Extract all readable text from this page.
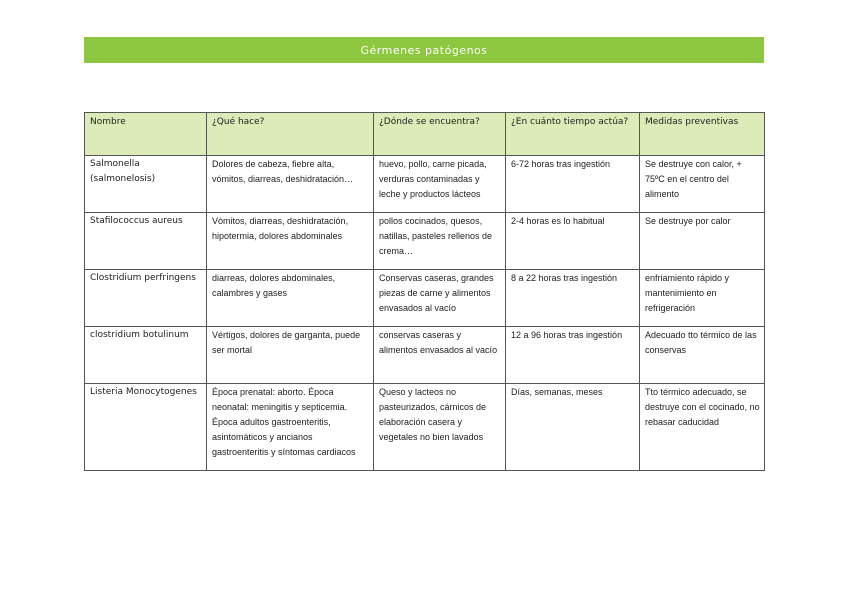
Gérmenes patógenos
Nombre	¿Qué hace?	¿Dónde se encuentra?	¿En cuánto tiempo actúa?	Medidas preventivas
Salmonella (salmonelosis)	Dolores de cabeza, fiebre alta, vómitos, diarreas, deshidratación…	huevo, pollo, carne picada, verduras contaminadas y leche y productos lácteos	6-72 horas tras ingestión	Se destruye con calor, + 75ºC en el centro del alimento
Stafilococcus aureus	Vómitos, diarreas, deshidratación, hipotermia, dolores abdominales	pollos cocinados, quesos, natillas, pasteles rellenos de crema…	2-4 horas es lo habitual	Se destruye por calor
Clostridium perfringens	diarreas, dolores abdominales, calambres y gases	Conservas caseras, grandes piezas de carne y alimentos envasados al vacío	8 a 22 horas tras ingestión	enfriamiento rápido y mantenimiento en refrigeración
clostridium botulinum	Vértigos, dolores de garganta, puede ser mortal	conservas caseras y alimentos envasados al vacío	12 a 96 horas tras ingestión	Adecuado tto térmico de las conservas
Listeria Monocytogenes	Época prenatal: aborto. Época neonatal: meningitis y septicemia. Época adultos gastroenteritis, asintomáticos y ancianos gastroenteritis y síntomas cardiacos	Queso y lacteos no pasteurizados, cárnicos de elaboración casera y vegetales no bien lavados	Días, semanas, meses	Tto térmico adecuado, se destruye con el cocinado, no rebasar caducidad
